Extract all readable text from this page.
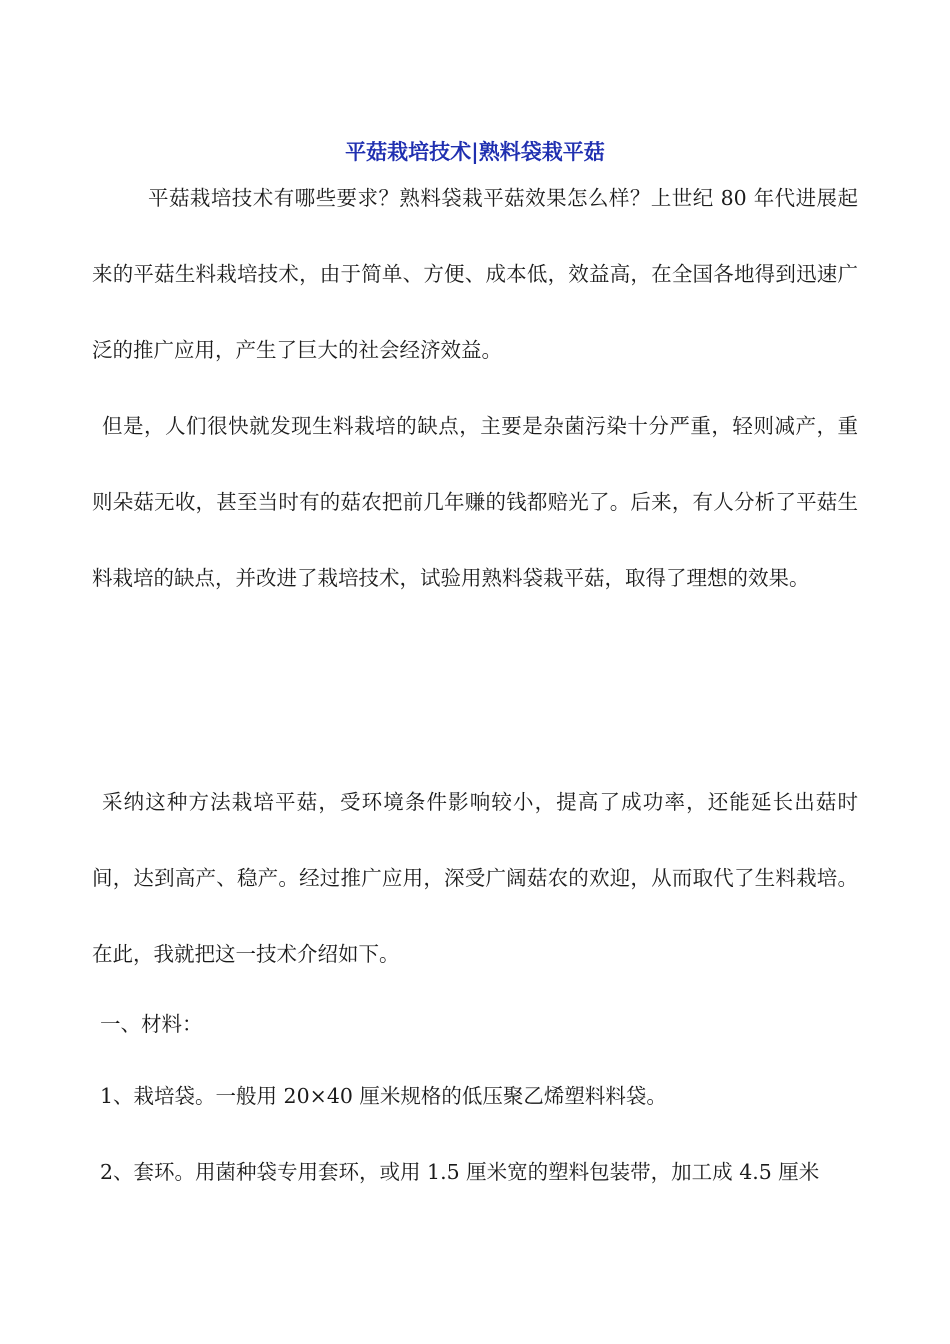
平菇栽培技术|熟料袋栽平菇

平菇栽培技术有哪些要求？熟料袋栽平菇效果怎么样？上世纪 80 年代进展起来的平菇生料栽培技术，由于简单、方便、成本低，效益高，在全国各地得到迅速广泛的推广应用，产生了巨大的社会经济效益。

但是，人们很快就发现生料栽培的缺点，主要是杂菌污染十分严重，轻则减产，重则朵菇无收，甚至当时有的菇农把前几年赚的钱都赔光了。后来，有人分析了平菇生料栽培的缺点，并改进了栽培技术，试验用熟料袋栽平菇，取得了理想的效果。

采纳这种方法栽培平菇，受环境条件影响较小，提高了成功率，还能延长出菇时间，达到高产、稳产。经过推广应用，深受广阔菇农的欢迎，从而取代了生料栽培。在此，我就把这一技术介绍如下。

一、材料：
1、栽培袋。一般用 20×40 厘米规格的低压聚乙烯塑料料袋。
2、套环。用菌种袋专用套环，或用 1.5 厘米宽的塑料包装带，加工成 4.5 厘米
